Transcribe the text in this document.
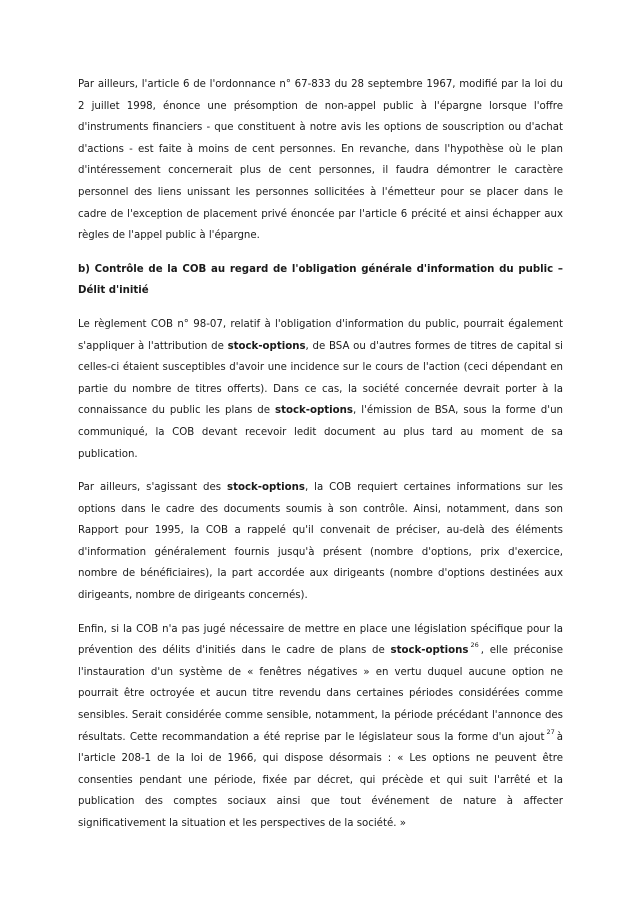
Par ailleurs, l'article 6 de l'ordonnance n° 67-833 du 28 septembre 1967, modifié par la loi du 2 juillet 1998, énonce une présomption de non-appel public à l'épargne lorsque l'offre d'instruments financiers - que constituent à notre avis les options de souscription ou d'achat d'actions - est faite à moins de cent personnes. En revanche, dans l'hypothèse où le plan d'intéressement concernerait plus de cent personnes, il faudra démontrer le caractère personnel des liens unissant les personnes sollicitées à l'émetteur pour se placer dans le cadre de l'exception de placement privé énoncée par l'article 6 précité et ainsi échapper aux règles de l'appel public à l'épargne.

b) Contrôle de la COB au regard de l'obligation générale d'information du public – Délit d'initié

Le règlement COB n° 98-07, relatif à l'obligation d'information du public, pourrait également s'appliquer à l'attribution de stock-options, de BSA ou d'autres formes de titres de capital si celles-ci étaient susceptibles d'avoir une incidence sur le cours de l'action (ceci dépendant en partie du nombre de titres offerts). Dans ce cas, la société concernée devrait porter à la connaissance du public les plans de stock-options, l'émission de BSA, sous la forme d'un communiqué, la COB devant recevoir ledit document au plus tard au moment de sa publication.

Par ailleurs, s'agissant des stock-options, la COB requiert certaines informations sur les options dans le cadre des documents soumis à son contrôle. Ainsi, notamment, dans son Rapport pour 1995, la COB a rappelé qu'il convenait de préciser, au-delà des éléments d'information généralement fournis jusqu'à présent (nombre d'options, prix d'exercice, nombre de bénéficiaires), la part accordée aux dirigeants (nombre d'options destinées aux dirigeants, nombre de dirigeants concernés).

Enfin, si la COB n'a pas jugé nécessaire de mettre en place une législation spécifique pour la prévention des délits d'initiés dans le cadre de plans de stock-options $^{26}$ , elle préconise l'instauration d'un système de « fenêtres négatives » en vertu duquel aucune option ne pourrait être octroyée et aucun titre revendu dans certaines périodes considérées comme sensibles. Serait considérée comme sensible, notamment, la période précédant l'annonce des résultats. Cette recommandation a été reprise par le législateur sous la forme d'un ajout $^{27}$ à l'article 208-1 de la loi de 1966, qui dispose désormais : « Les options ne peuvent être consenties pendant une période, fixée par décret, qui précède et qui suit l'arrêté et la publication des comptes sociaux ainsi que tout événement de nature à affecter significativement la situation et les perspectives de la société. »
